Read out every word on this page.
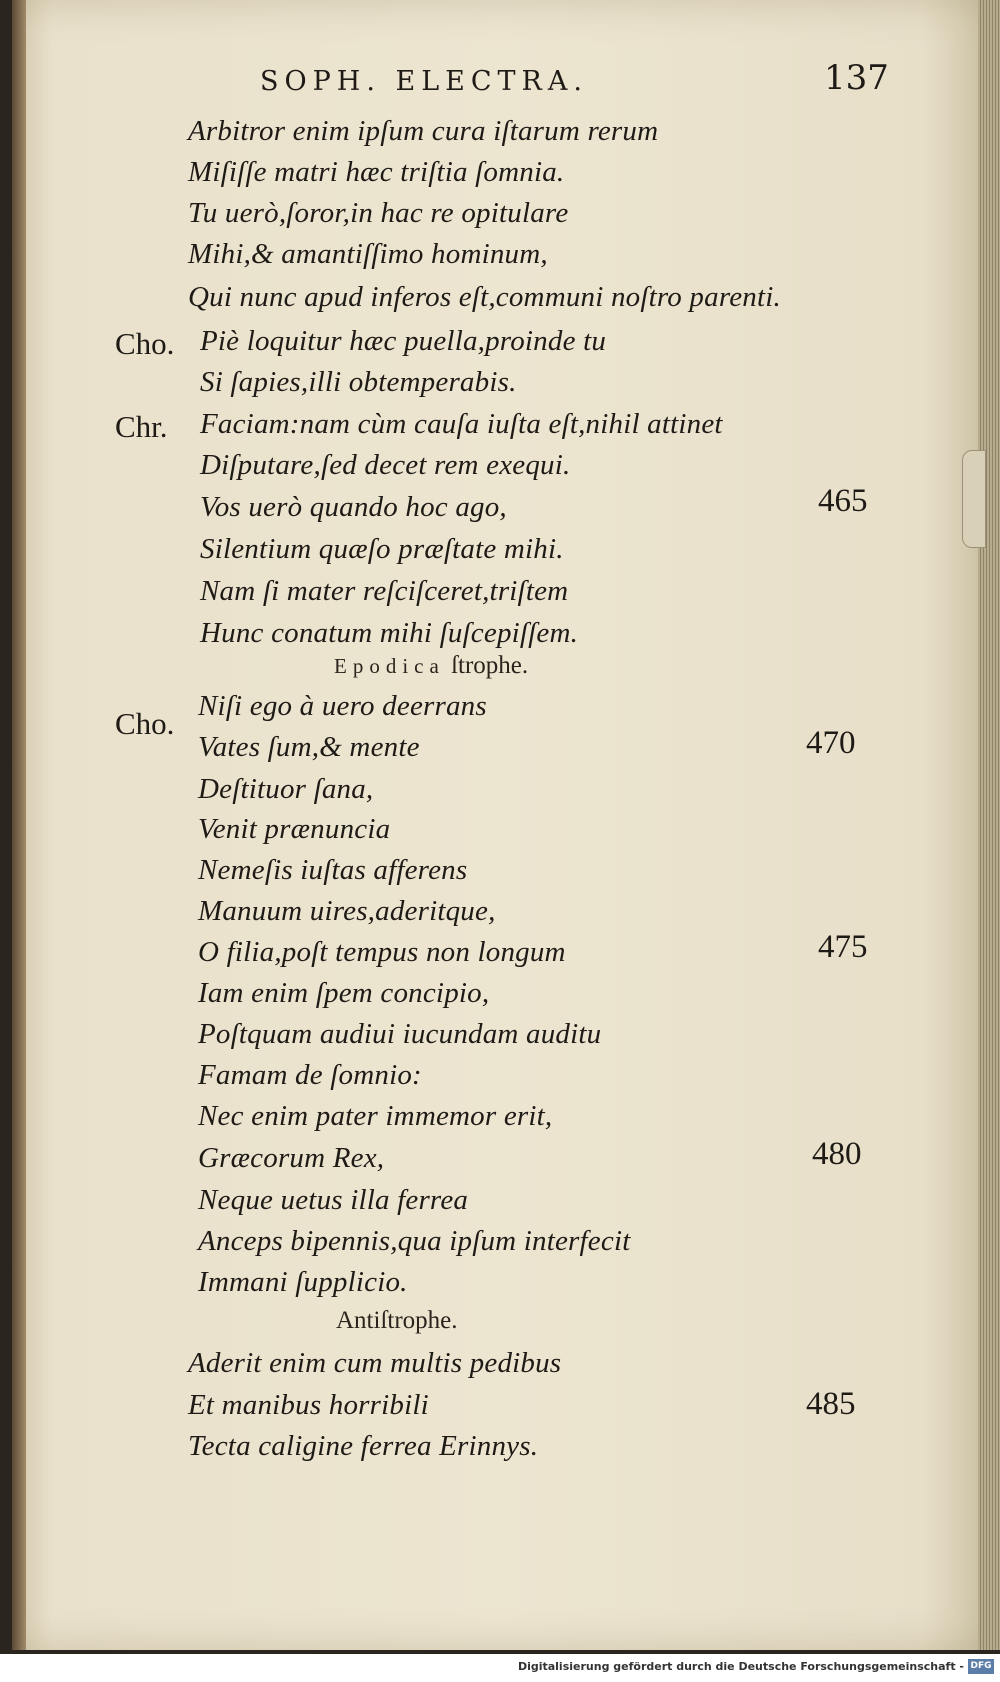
SOPH. ELECTRA.	137
Arbitror enim ipſum cura iſtarum rerum
Miſiſſe matri hæc triſtia ſomnia.
Tu uerò,ſoror,in hac re opitulare
Mihi,& amantiſſimo hominum,
Qui nunc apud inferos eſt,communi noſtro parenti.
Cho. Piè loquitur hæc puella,proinde tu
Si ſapies,illi obtemperabis.
Chr. Faciam:nam cùm cauſa iuſta eſt,nihil attinet
Diſputare,ſed decet rem exequi.
Vos uerò quando hoc ago,	465
Silentium quæſo præſtate mihi.
Nam ſi mater reſciſceret,triſtem
Hunc conatum mihi ſuſcepiſſem.
Epodica ſtrophe.
Cho. Niſi ego à uero deerrans
Vates ſum,& mente	470
Deſtituor ſana,
Venit prænuncia
Nemeſis iuſtas afferens
Manuum uires,aderitque,
O filia,poſt tempus non longum	475
Iam enim ſpem concipio,
Poſtquam audiui iucundam auditu
Famam de ſomnio:
Nec enim pater immemor erit,
Græcorum Rex,	480
Neque uetus illa ferrea
Anceps bipennis,qua ipſum interfecit
Immani ſupplicio.
Antiſtrophe.
Aderit enim cum multis pedibus
Et manibus horribili	485
Tecta caligine ferrea Erinnys.
Digitalisierung gefördert durch die Deutsche Forschungsgemeinschaft - DFG
